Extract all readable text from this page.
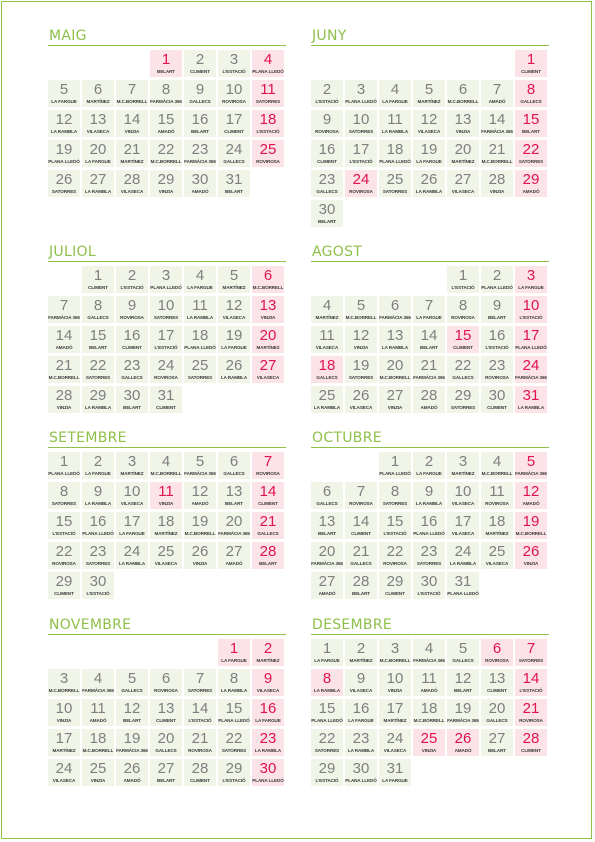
MAIG
1
BELART
2
CLIMENT
3
L'ESTACIÓ
4
PLANA LLEDÓ
5
LA FARGUE
6
MARTÍNEZ
7
M.C.BORRELL
8
FARMÀCIA 365
9
GALLECS
10
ROVIROSA
11
SATORRES
12
LA RAMBLA
13
VILASECA
14
VINZIA
15
AMADÓ
16
BELART
17
CLIMENT
18
L'ESTACIÓ
19
PLANA LLEDÓ
20
LA FARGUE
21
MARTÍNEZ
22
M.C.BORRELL
23
FARMÀCIA 365
24
GALLECS
25
ROVIROSA
26
SATORRES
27
LA RAMBLA
28
VILASECA
29
VINZIA
30
AMADÓ
31
BELART
JUNY
1
CLIMENT
2
L'ESTACIÓ
3
PLANA LLEDÓ
4
LA FARGUE
5
MARTÍNEZ
6
M.C.BORRELL
7
AMADÓ
8
GALLECS
9
ROVIROSA
10
SATORRES
11
LA RAMBLA
12
VILASECA
13
VINZIA
14
FARMÀCIA 365
15
BELART
16
CLIMENT
17
L'ESTACIÓ
18
PLANA LLEDÓ
19
LA FARGUE
20
MARTÍNEZ
21
M.C.BORRELL
22
SATORRES
23
GALLECS
24
ROVIROSA
25
SATORRES
26
LA RAMBLA
27
VILASECA
28
VINZIA
29
AMADÓ
30
BELART
JULIOL
1
CLIMENT
2
L'ESTACIÓ
3
PLANA LLEDÓ
4
LA FARGUE
5
MARTÍNEZ
6
M.C.BORRELL
7
FARMÀCIA 365
8
GALLECS
9
ROVIROSA
10
SATORRES
11
LA RAMBLA
12
VILASECA
13
VINZIA
14
AMADÓ
15
BELART
16
CLIMENT
17
L'ESTACIÓ
18
PLANA LLEDÓ
19
LA FARGUE
20
MARTÍNEZ
21
M.C.BORRELL
22
SATORRES
23
GALLECS
24
ROVIROSA
25
SATORRES
26
LA RAMBLA
27
VILASECA
28
VINZIA
29
LA RAMBLA
30
BELART
31
CLIMENT
AGOST
1
L'ESTACIÓ
2
PLANA LLEDÓ
3
LA FARGUE
4
MARTÍNEZ
5
M.C.BORRELL
6
FARMÀCIA 365
7
LA FARGUE
8
ROVIROSA
9
BELART
10
L'ESTACIÓ
11
VILASECA
12
VINZIA
13
LA RAMBLA
14
BELART
15
CLIMENT
16
L'ESTACIÓ
17
PLANA LLEDÓ
18
GALLECS
19
SATORRES
20
M.C.BORRELL
21
FARMÀCIA 365
22
GALLECS
23
ROVIROSA
24
FARMÀCIA 365
25
LA RAMBLA
26
VILASECA
27
VINZIA
28
AMADÓ
29
SATORRES
30
CLIMENT
31
LA RAMBLA
SETEMBRE
1
PLANA LLEDÓ
2
LA FARGUE
3
MARTÍNEZ
4
M.C.BORRELL
5
FARMÀCIA 365
6
GALLECS
7
ROVIROSA
8
SATORRES
9
LA RAMBLA
10
VILASECA
11
VINZIA
12
AMADÓ
13
BELART
14
CLIMENT
15
L'ESTACIÓ
16
PLANA LLEDÓ
17
LA FARGUE
18
MARTÍNEZ
19
M.C.BORRELL
20
FARMÀCIA 365
21
GALLECS
22
ROVIROSA
23
SATORRES
24
LA RAMBLA
25
VILASECA
26
VINZIA
27
AMADÓ
28
BELART
29
CLIMENT
30
L'ESTACIÓ
OCTUBRE
1
PLANA LLEDÓ
2
LA FARGUE
3
MARTÍNEZ
4
M.C.BORRELL
5
FARMÀCIA 365
6
GALLECS
7
ROVIROSA
8
SATORRES
9
LA RAMBLA
10
VILASECA
11
ROVIROSA
12
AMADÓ
13
BELART
14
CLIMENT
15
L'ESTACIÓ
16
PLANA LLEDÓ
17
VILASECA
18
MARTÍNEZ
19
M.C.BORRELL
20
FARMÀCIA 365
21
GALLECS
22
ROVIROSA
23
SATORRES
24
LA RAMBLA
25
VILASECA
26
VINZIA
27
AMADÓ
28
BELART
29
CLIMENT
30
L'ESTACIÓ
31
PLANA LLEDÓ
NOVEMBRE
1
LA FARGUE
2
MARTÍNEZ
3
M.C.BORRELL
4
FARMÀCIA 365
5
GALLECS
6
ROVIROSA
7
SATORRES
8
LA RAMBLA
9
VILASECA
10
VINZIA
11
AMADÓ
12
BELART
13
CLIMENT
14
L'ESTACIÓ
15
PLANA LLEDÓ
16
LA FARGUE
17
MARTÍNEZ
18
M.C.BORRELL
19
FARMÀCIA 365
20
GALLECS
21
ROVIROSA
22
SATORRES
23
LA RAMBLA
24
VILASECA
25
VINZIA
26
AMADÓ
27
BELART
28
CLIMENT
29
L'ESTACIÓ
30
PLANA LLEDÓ
DESEMBRE
1
LA FARGUE
2
MARTÍNEZ
3
M.C.BORRELL
4
FARMÀCIA 365
5
GALLECS
6
ROVIROSA
7
SATORRES
8
LA RAMBLA
9
VILASECA
10
VINZIA
11
AMADÓ
12
BELART
13
CLIMENT
14
L'ESTACIÓ
15
PLANA LLEDÓ
16
LA FARGUE
17
MARTÍNEZ
18
M.C.BORRELL
19
FARMÀCIA 365
20
GALLECS
21
ROVIROSA
22
SATORRES
23
LA RAMBLA
24
VILASECA
25
VINZIA
26
AMADÓ
27
BELART
28
CLIMENT
29
L'ESTACIÓ
30
PLANA LLEDÓ
31
LA FARGUE
